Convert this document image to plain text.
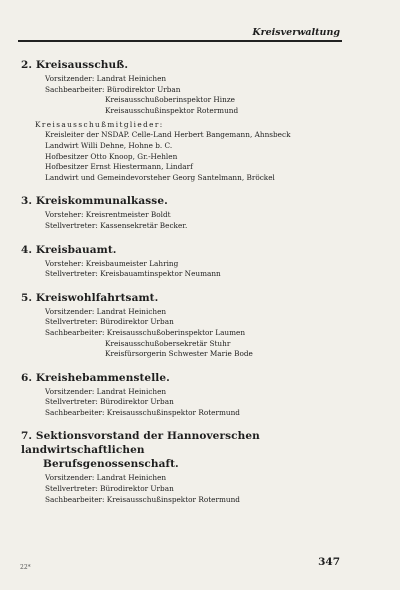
Kreisverwaltung
2. Kreisausschuß.
Vorsitzender: Landrat Heinichen
Sachbearbeiter: Bürodirektor Urban
Kreisausschußoberinspektor Hinze
Kreisausschußinspektor Rotermund
Kreisausschußmitglieder:
Kreisleiter der NSDAP. Celle-Land Herbert Bangemann, Ahnsbeck
Landwirt Willi Dehne, Hohne b. C.
Hofbesitzer Otto Knoop, Gr.-Hehlen
Hofbesitzer Ernst Hiestermann, Lindarf
Landwirt und Gemeindevorsteher Georg Santelmann, Bröckel
3. Kreiskommunalkasse.
Vorsteher: Kreisrentmeister Boldt
Stellvertreter: Kassensekretär Becker.
4. Kreisbauamt.
Vorsteher: Kreisbaumeister Lahring
Stellvertreter: Kreisbauamtinspektor Neumann
5. Kreiswohlfahrtsamt.
Vorsitzender: Landrat Heinichen
Stellvertreter: Bürodirektor Urban
Sachbearbeiter: Kreisausschußoberinspektor Laumen
Kreisausschußobersekretär Stuhr
Kreisfürsorgerin Schwester Marie Bode
6. Kreishebammenstelle.
Vorsitzender: Landrat Heinichen
Stellvertreter: Bürodirektor Urban
Sachbearbeiter: Kreisausschußinspektor Rotermund
7. Sektionsvorstand der Hannoverschen landwirtschaftlichen
Berufsgenossenschaft.
Vorsitzender: Landrat Heinichen
Stellvertreter: Bürodirektor Urban
Sachbearbeiter: Kreisausschußinspektor Rotermund
22*	347
